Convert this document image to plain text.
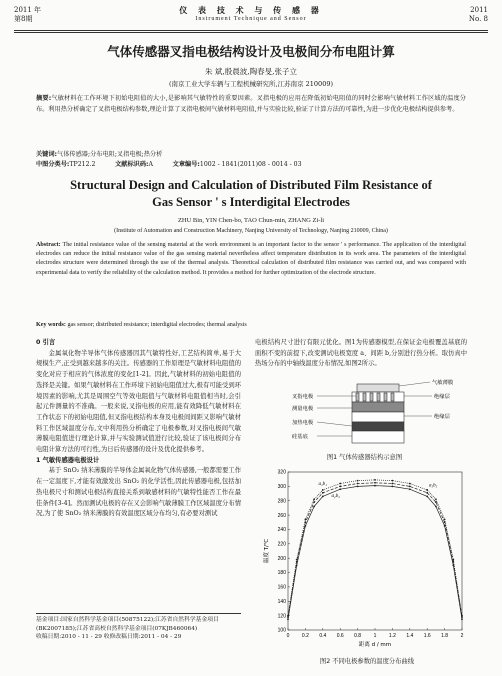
2011 年
第8期
仪 表 技 术 与 传 感 器
Instrument Technique and Sensor
2011
No. 8
气体传感器叉指电极结构设计及电极间分布电阻计算
朱 斌,殷晨波,陶春旻,张子立
(南京工业大学车辆与工程机械研究所,江苏南京 210009)
摘要:气敏材料在工作环境下初始电阻值的大小,是影响其气敏特性的重要因素。叉指电极的应用在降低初始电阻值的同时会影响气敏材料工作区域的温度分布。利用热分析确定了叉指电极结构参数,理论计算了叉指电极间气敏材料电阻值,并与实验比较,验证了计算方法的可靠性,为进一步优化电极结构提供参考。
关键词:气体传感器;分布电阻;叉指电极;热分析
中图分类号:TP212.2	文献标识码:A	文章编号:1002 - 1841(2011)08 - 0014 - 03
Structural Design and Calculation of Distributed Film Resistance of
Gas Sensor ' s Interdigital Electrodes
ZHU Bin, YIN Chen-bo, TAO Chun-min, ZHANG Zi-li
(Institute of Automation and Construction Machinery, Nanjing University of Technology, Nanjing 210009, China)
Abstract: The initial resistance value of the sensing material at the work environment is an important factor to the sensor ' s performance. The application of the interdigital electrodes can reduce the initial resistance value of the gas sensing material nevertheless affect temperature distribution in its work area. The parameters of the interdigital electrodes structure were determined through the use of the thermal analysis. Theoretical calculation of distributed film resistance was carried out, and was compared with experimental data to verify the reliability of the calculation method. It provides a method for further optimization of the electrode structure.
Key words: gas sensor; distributed resistance; interdigital electrodes; thermal analysis
0 引言
金属氧化物半导体气体传感器因其气敏特性好,工艺结构简单,易于大规模生产,正受到越来越多的关注。传感器的工作原理是气敏材料电阻值的变化对应于相应的气体浓度的变化[1-2]。因此,气敏材料的初始电阻值的选择是关键。如果气敏材料在工作环境下初始电阻值过大,极有可能受到环境因素的影响,尤其是周围空气等效电阻值与气敏材料电阻值相当时,会引起元件测量的不准确。一般来说,叉指电极的应用,能有效降低气敏材料在工作状态下的初始电阻值,但叉指电极结构本身及电极间间距又影响气敏材料工作区域温度分布,文中利用热分析确定了电极参数,对叉指电极间气敏薄膜电阻值进行理论计算,并与实验测试值进行比较,验证了该电极间分布电阻计算方法的可行性,为日后传感器的设计及优化提供参考。
1 气敏传感器电极设计
基于 SnO₂ 纳米薄膜的半导体金属氧化物气体传感器,一般都需要工作在一定温度下,才能有效激发出 SnO₂ 的化学活性,因此传感器电极,包括加热电极尺寸和测试电极结构直接关系到敏感材料的气敏特性能否工作在最佳条件[3-4]。然而测试电极的存在又会影响气敏薄膜工作区域温度分布情况,为了使 SnO₂ 纳米薄膜的有效温度区域分布均匀,有必要对测试
基金项目:国家自然科学基金项目(50875122);江苏省自然科学基金项目(BK2007185);江苏省高校自然科学基金项目(07KJB460064)
收稿日期:2010 - 11 - 29 收修改稿日期:2011 - 04 - 29
电极结构尺寸进行有限元优化。图1为传感器模型,在保证金电极覆盖基底的面积不变的前提下,改变测试电极宽度 a、间距 b,分别进行热分析。取仿真中热场分布的中轴线温度分布情况,如图2所示。
叉指电极
测量电极
加热电极
硅基底
气敏薄膜
绝缘层
绝缘层
图1 气体传感器结构示意图
0	0.2 0.4 0.6 0.8	1	1.2 1.4 1.6 1.8	2
100
120
140
160
180
200
220
240
260
280
300
320
距离 d / mm
温度 T/℃
a₁b₁
a₂b₂
a₃b₃
图2 不同电极参数的温度分布曲线
